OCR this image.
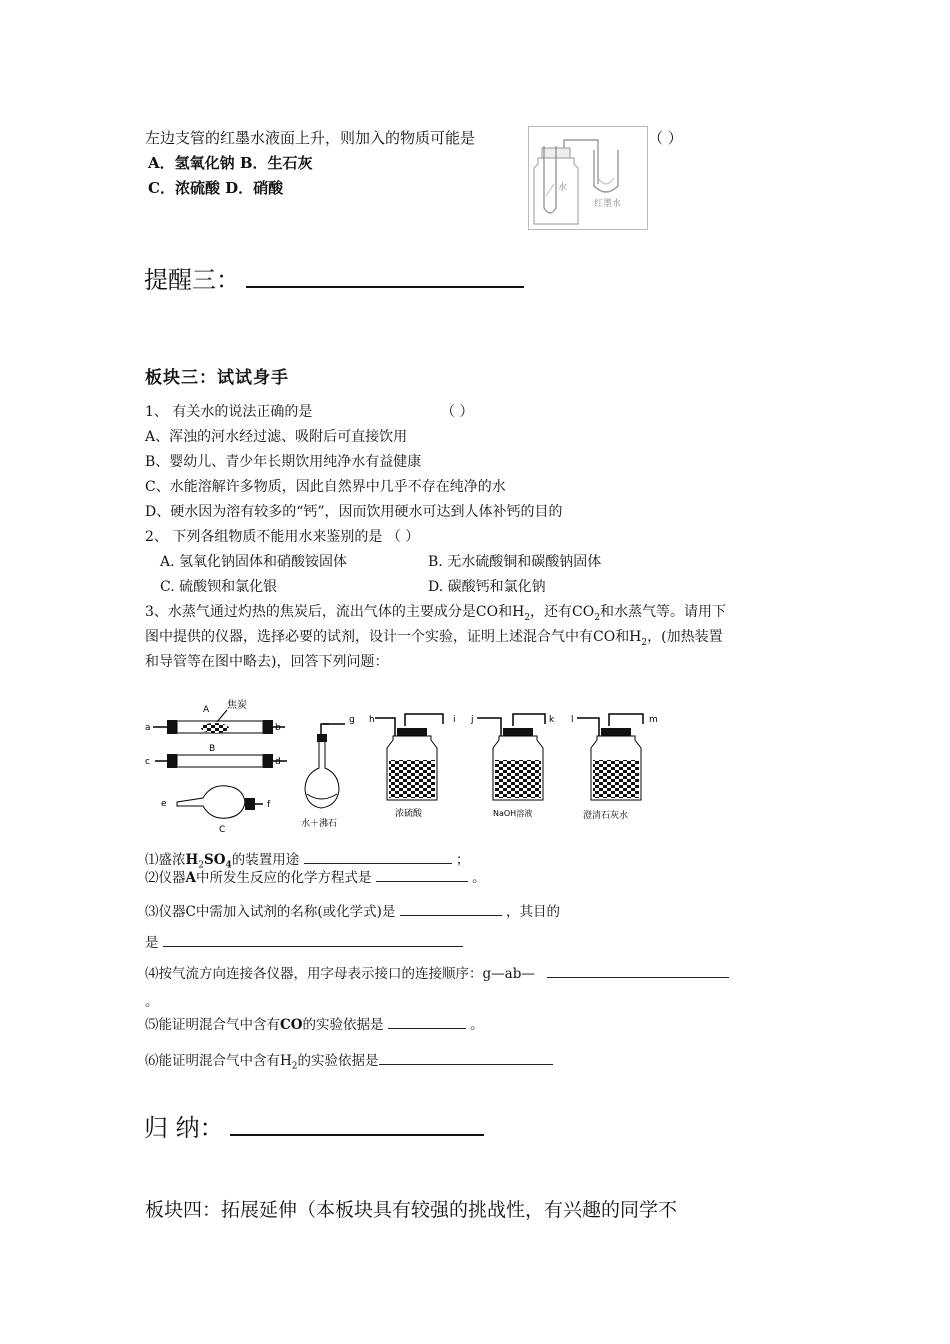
左边支管的红墨水液面上升，则加入的物质可能是	（ ）
A．氢氧化钠 B．生石灰
C．浓硫酸 D．硝酸	水
红墨水
提醒三：
板块三：试试身手
1、 有关水的说法正确的是	（ ）
A、浑浊的河水经过滤、吸附后可直接饮用
B、婴幼儿、青少年长期饮用纯净水有益健康
C、水能溶解许多物质，因此自然界中几乎不存在纯净的水
D、硬水因为溶有较多的“钙”，因而饮用硬水可达到人体补钙的目的
2、 下列各组物质不能用水来鉴别的是 （ ）
A. 氢氧化钠固体和硝酸铵固体	B. 无水硫酸铜和碳酸钠固体
C. 硫酸钡和氯化银	D. 碳酸钙和氯化钠
3、水蒸气通过灼热的焦炭后，流出气体的主要成分是CO和$H_2$，还有$CO_2$和水蒸气等。请用下
图中提供的仪器，选择必要的试剂，设计一个实验，证明上述混合气中有CO和$H_2$，(加热装置
和导管等在图中略去)，回答下列问题：
a	b
A 焦炭
B
c	d
e	f
C
g
水＋沸石
h	i
浓硫酸
j	k
NaOH溶液
l	m
澄清石灰水
⑴盛浓$H_2SO_4$的装置用途	；
⑵仪器A中所发生反应的化学方程式是	。
⑶仪器C中需加入试剂的名称(或化学式)是	，其目的
是
⑷按气流方向连接各仪器，用字母表示接口的连接顺序：g—ab—
。
⑸能证明混合气中含有CO的实验依据是	。
⑹能证明混合气中含有$H_2$的实验依据是
归 纳：
板块四：拓展延伸（本板块具有较强的挑战性，有兴趣的同学不
